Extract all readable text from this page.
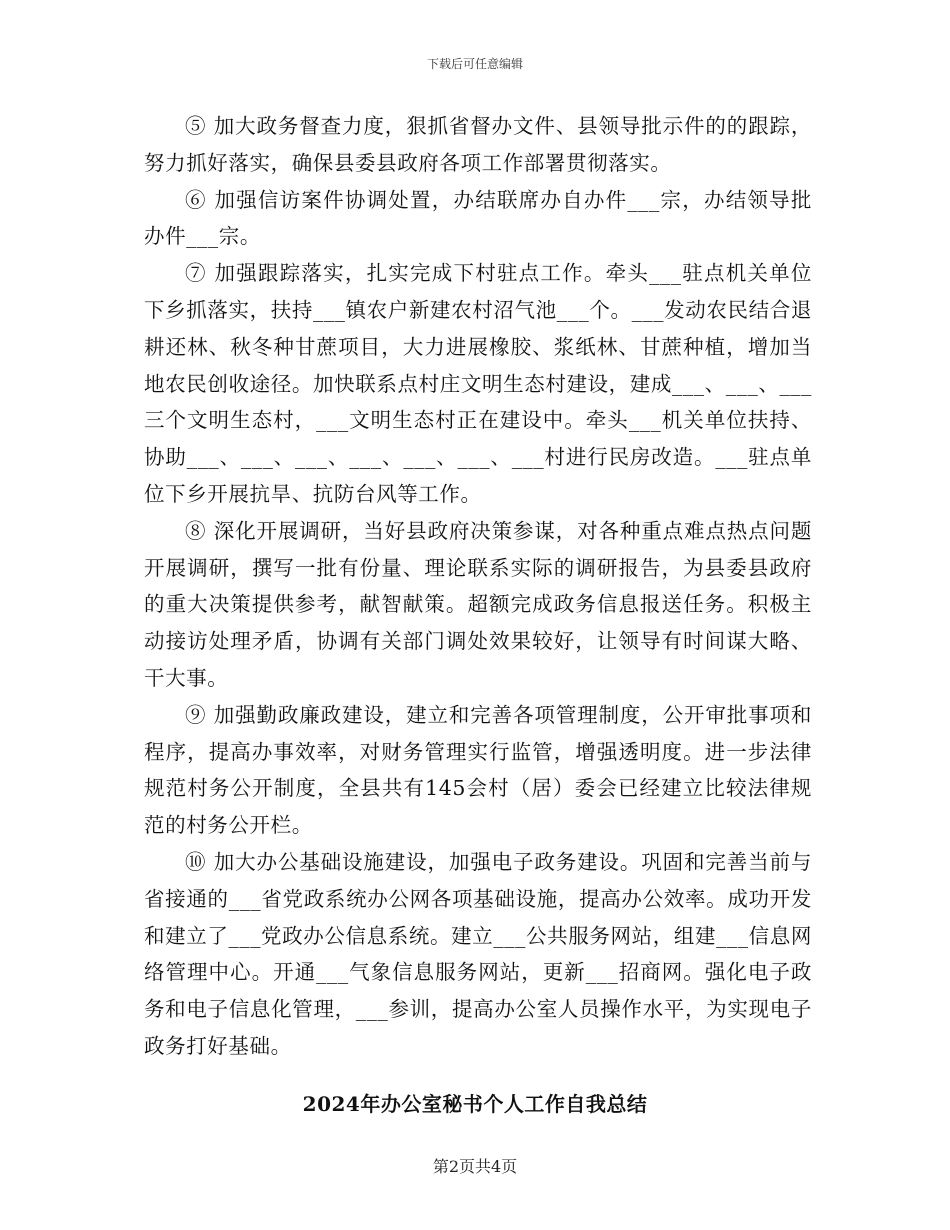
下载后可任意编辑

⑤ 加大政务督查力度，狠抓省督办文件、县领导批示件的的跟踪，努力抓好落实，确保县委县政府各项工作部署贯彻落实。

⑥ 加强信访案件协调处置，办结联席办自办件___宗，办结领导批办件___宗。

⑦ 加强跟踪落实，扎实完成下村驻点工作。牵头___驻点机关单位下乡抓落实，扶持___镇农户新建农村沼气池___个。___发动农民结合退耕还林、秋冬种甘蔗项目，大力进展橡胶、浆纸林、甘蔗种植，增加当地农民创收途径。加快联系点村庄文明生态村建设，建成___、___、___三个文明生态村，___文明生态村正在建设中。牵头___机关单位扶持、协助___、___、___、___、___、___、___村进行民房改造。___驻点单位下乡开展抗旱、抗防台风等工作。

⑧ 深化开展调研，当好县政府决策参谋，对各种重点难点热点问题开展调研，撰写一批有份量、理论联系实际的调研报告，为县委县政府的重大决策提供参考，献智献策。超额完成政务信息报送任务。积极主动接访处理矛盾，协调有关部门调处效果较好，让领导有时间谋大略、干大事。

⑨ 加强勤政廉政建设，建立和完善各项管理制度，公开审批事项和程序，提高办事效率，对财务管理实行监管，增强透明度。进一步法律规范村务公开制度，全县共有145会村（居）委会已经建立比较法律规范的村务公开栏。

⑩ 加大办公基础设施建设，加强电子政务建设。巩固和完善当前与省接通的___省党政系统办公网各项基础设施，提高办公效率。成功开发和建立了___党政办公信息系统。建立___公共服务网站，组建___信息网络管理中心。开通___气象信息服务网站，更新___招商网。强化电子政务和电子信息化管理，___参训，提高办公室人员操作水平，为实现电子政务打好基础。

2024年办公室秘书个人工作自我总结
第2页共4页
